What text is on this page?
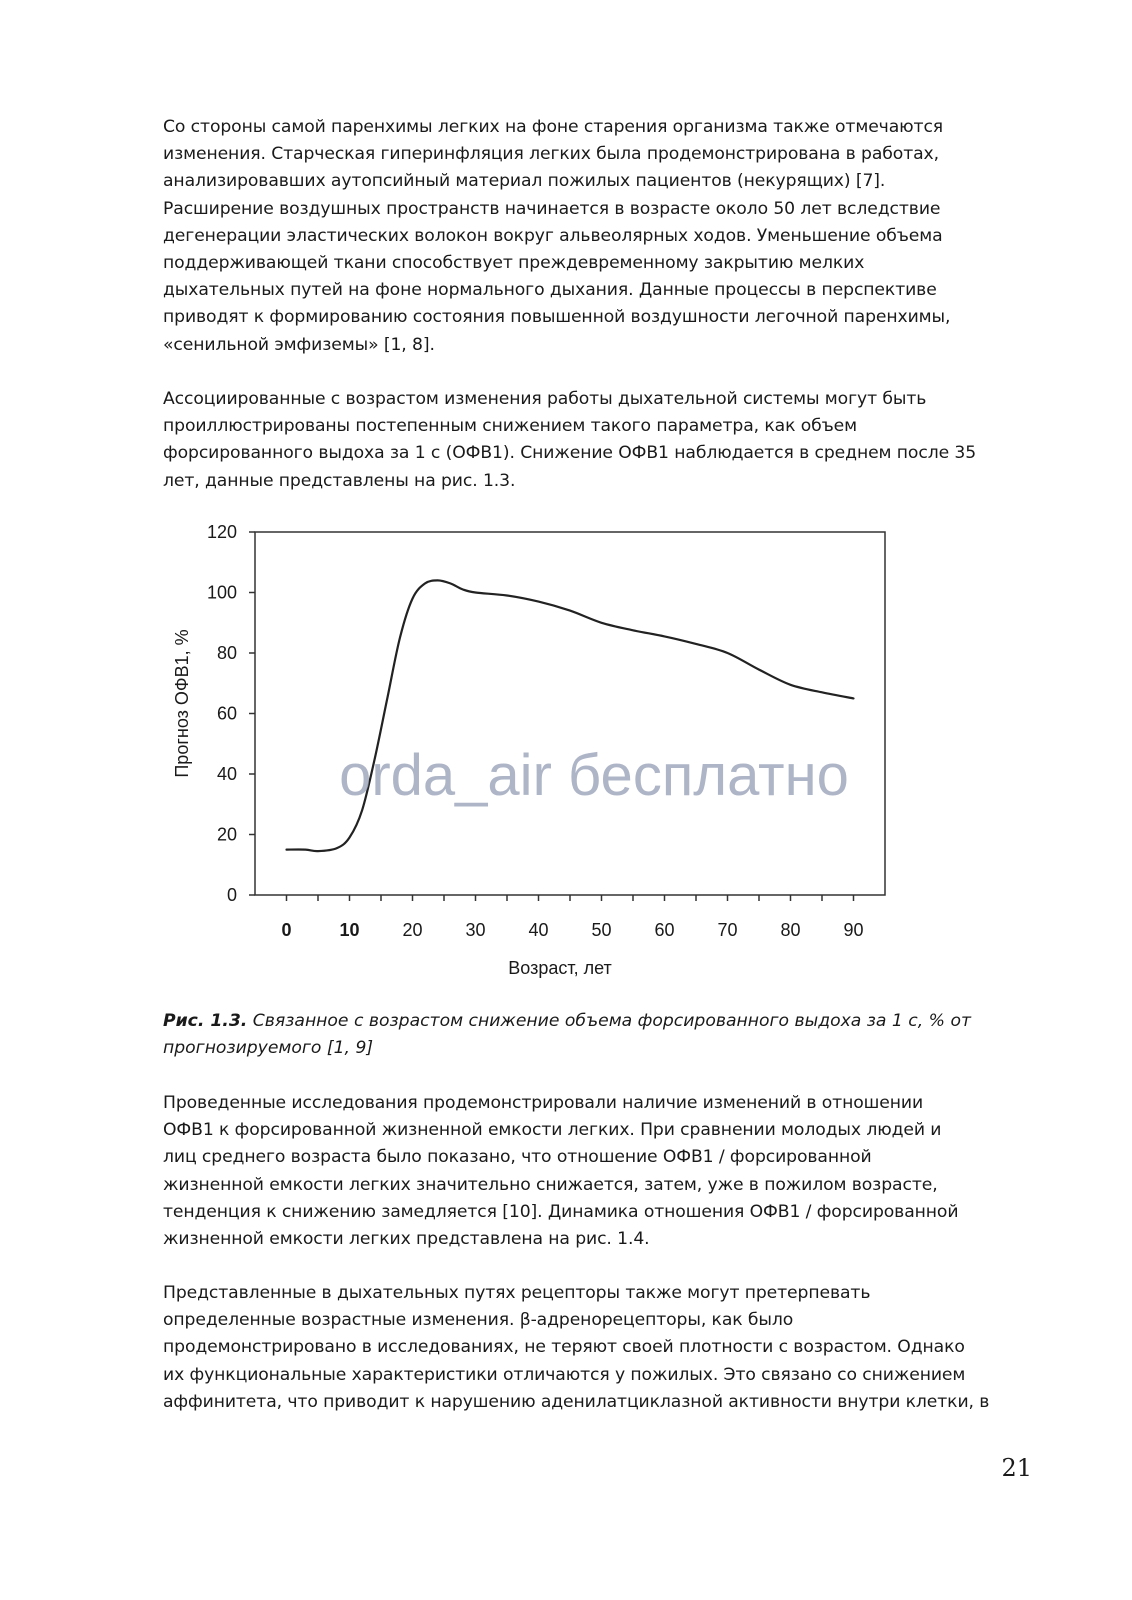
Со стороны самой паренхимы легких на фоне старения организма также отмечаются
изменения. Старческая гиперинфляция легких была продемонстрирована в работах,
анализировавших аутопсийный материал пожилых пациентов (некурящих) [7].
Расширение воздушных пространств начинается в возрасте около 50 лет вследствие
дегенерации эластических волокон вокруг альвеолярных ходов. Уменьшение объема
поддерживающей ткани способствует преждевременному закрытию мелких
дыхательных путей на фоне нормального дыхания. Данные процессы в перспективе
приводят к формированию состояния повышенной воздушности легочной паренхимы,
«сенильной эмфиземы» [1, 8].
Ассоциированные с возрастом изменения работы дыхательной системы могут быть
проиллюстрированы постепенным снижением такого параметра, как объем
форсированного выдоха за 1 с (ОФВ1). Снижение ОФВ1 наблюдается в среднем после 35
лет, данные представлены на рис. 1.3.
0
20
40
60
80
100
120
0	10 20 30 40 50 60 70 80 90
Возраст, лет
Прогноз ОФВ1, %	orda_air бесплатно
Рис. 1.3. Связанное с возрастом снижение объема форсированного выдоха за 1 с, % от
прогнозируемого [1, 9]
Проведенные исследования продемонстрировали наличие изменений в отношении
ОФВ1 к форсированной жизненной емкости легких. При сравнении молодых людей и
лиц среднего возраста было показано, что отношение ОФВ1 / форсированной
жизненной емкости легких значительно снижается, затем, уже в пожилом возрасте,
тенденция к снижению замедляется [10]. Динамика отношения ОФВ1 / форсированной
жизненной емкости легких представлена на рис. 1.4.
Представленные в дыхательных путях рецепторы также могут претерпевать
определенные возрастные изменения. β-адренорецепторы, как было
продемонстрировано в исследованиях, не теряют своей плотности с возрастом. Однако
их функциональные характеристики отличаются у пожилых. Это связано со снижением
аффинитета, что приводит к нарушению аденилатциклазной активности внутри клетки, в
21
